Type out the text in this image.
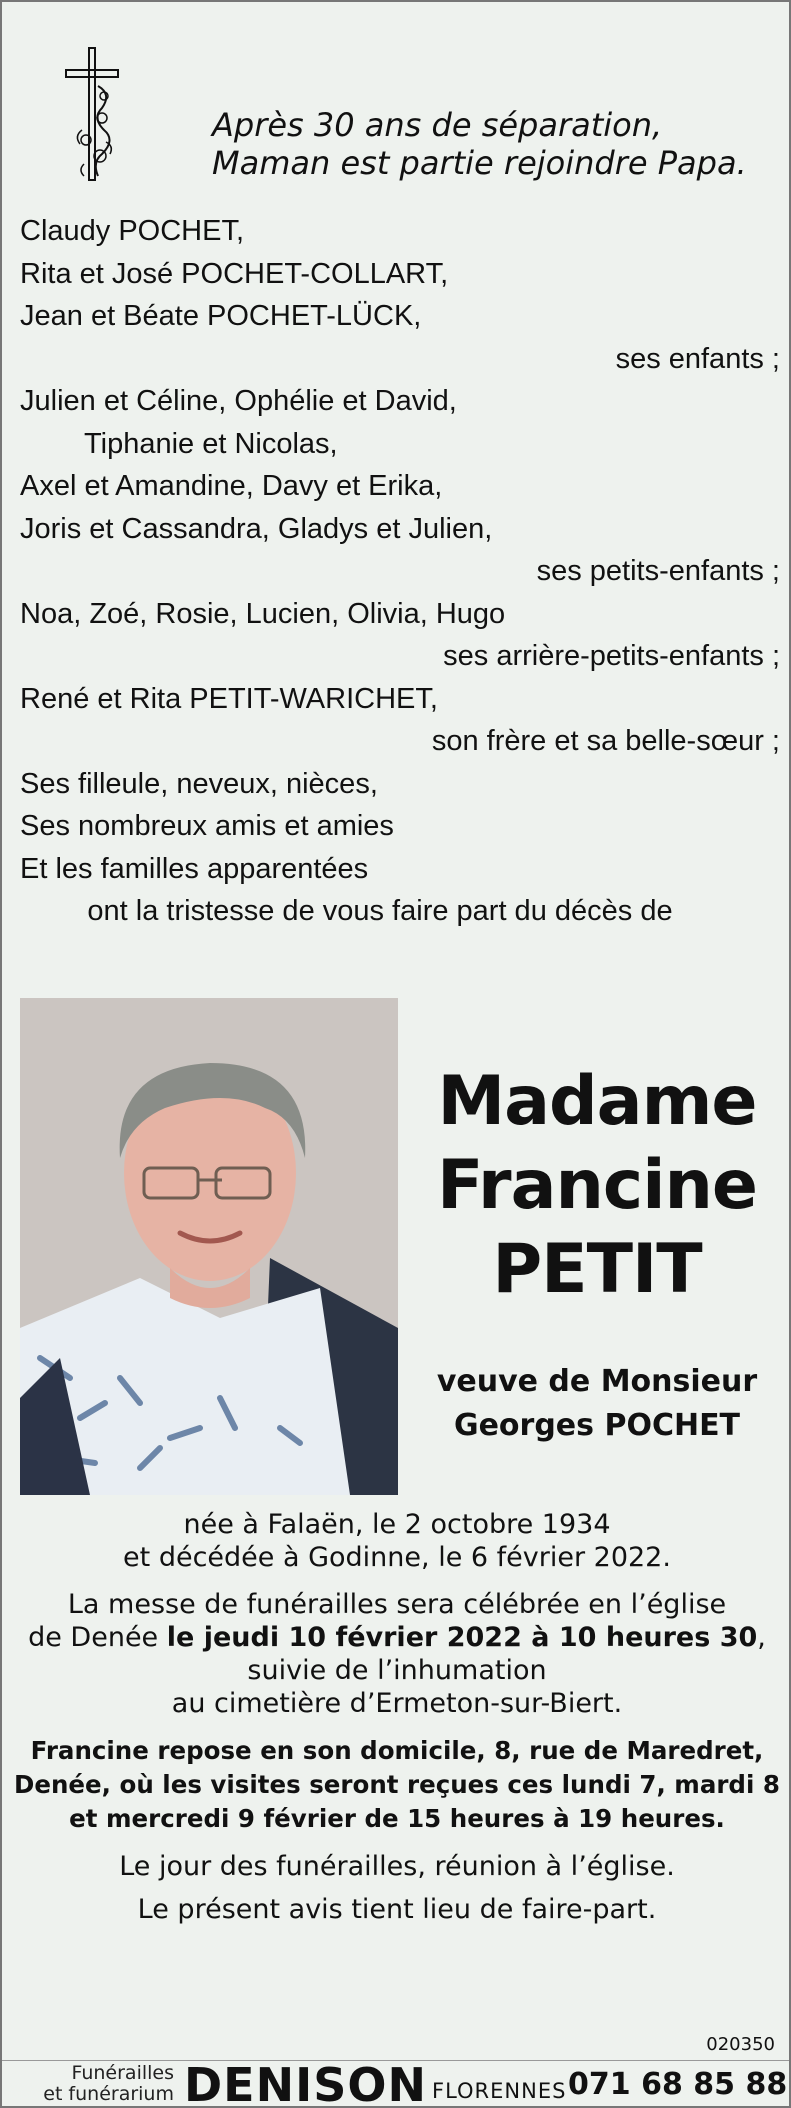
Après 30 ans de séparation,
Maman est partie rejoindre Papa.
Claudy POCHET,
Rita et José POCHET-COLLART,
Jean et Béate POCHET-LÜCK,
ses enfants ;
Julien et Céline, Ophélie et David,
Tiphanie et Nicolas,
Axel et Amandine, Davy et Erika,
Joris et Cassandra, Gladys et Julien,
ses petits-enfants ;
Noa, Zoé, Rosie, Lucien, Olivia, Hugo
ses arrière-petits-enfants ;
René et Rita PETIT-WARICHET,
son frère et sa belle-sœur ;
Ses filleule, neveux, nièces,
Ses nombreux amis et amies
Et les familles apparentées
ont la tristesse de vous faire part du décès de
Madame
Francine
PETIT
veuve de Monsieur
Georges POCHET
née à Falaën, le 2 octobre 1934
et décédée à Godinne, le 6 février 2022.
La messe de funérailles sera célébrée en l’église
de Denée le jeudi 10 février 2022 à 10 heures 30,
suivie de l’inhumation
au cimetière d’Ermeton-sur-Biert.
Francine repose en son domicile, 8, rue de Maredret,
Denée, où les visites seront reçues ces lundi 7, mardi 8
et mercredi 9 février de 15 heures à 19 heures.
Le jour des funérailles, réunion à l’église.
Le présent avis tient lieu de faire-part.
020350
Funérailles
et funérarium DENISON FLORENNES 071 68 85 88
